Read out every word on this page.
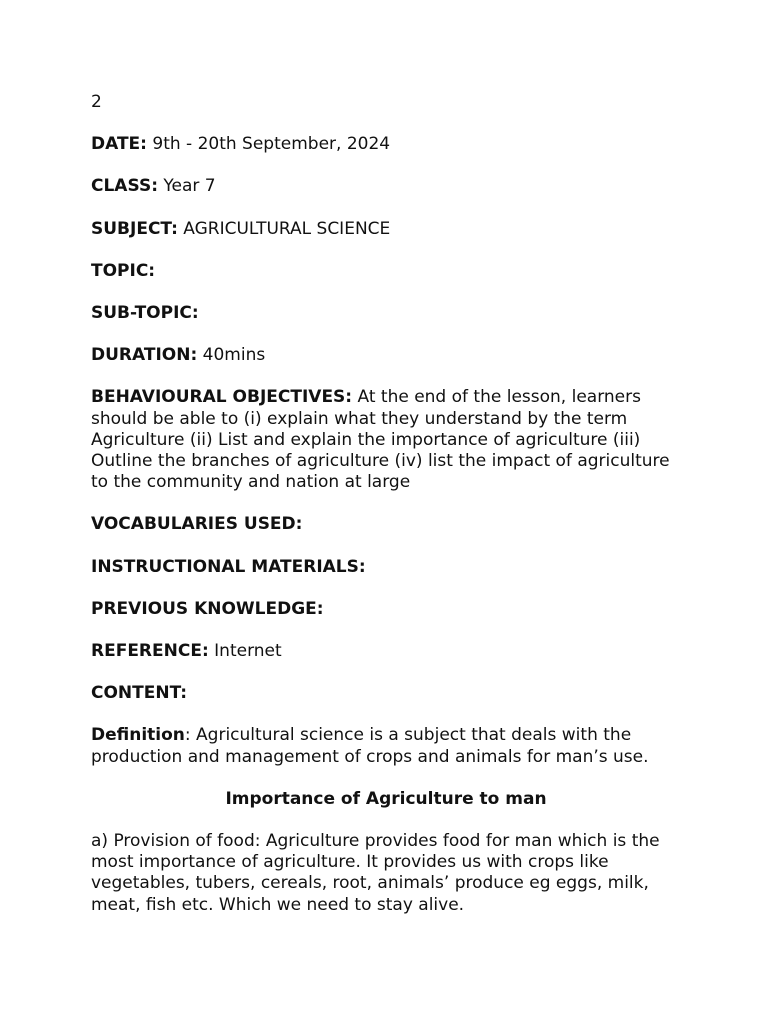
2

DATE: 9th - 20th September, 2024

CLASS: Year 7

SUBJECT: AGRICULTURAL SCIENCE

TOPIC:

SUB-TOPIC:

DURATION: 40mins

BEHAVIOURAL OBJECTIVES: At the end of the lesson, learners should be able to (i) explain what they understand by the term Agriculture (ii) List and explain the importance of agriculture (iii) Outline the branches of agriculture (iv) list the impact of agriculture to the community and nation at large

VOCABULARIES USED:

INSTRUCTIONAL MATERIALS:

PREVIOUS KNOWLEDGE:

REFERENCE: Internet

CONTENT:

Definition: Agricultural science is a subject that deals with the production and management of crops and animals for man’s use.

Importance of Agriculture to man

a) Provision of food: Agriculture provides food for man which is the most importance of agriculture. It provides us with crops like vegetables, tubers, cereals, root, animals’ produce eg eggs, milk, meat, fish etc. Which we need to stay alive.
